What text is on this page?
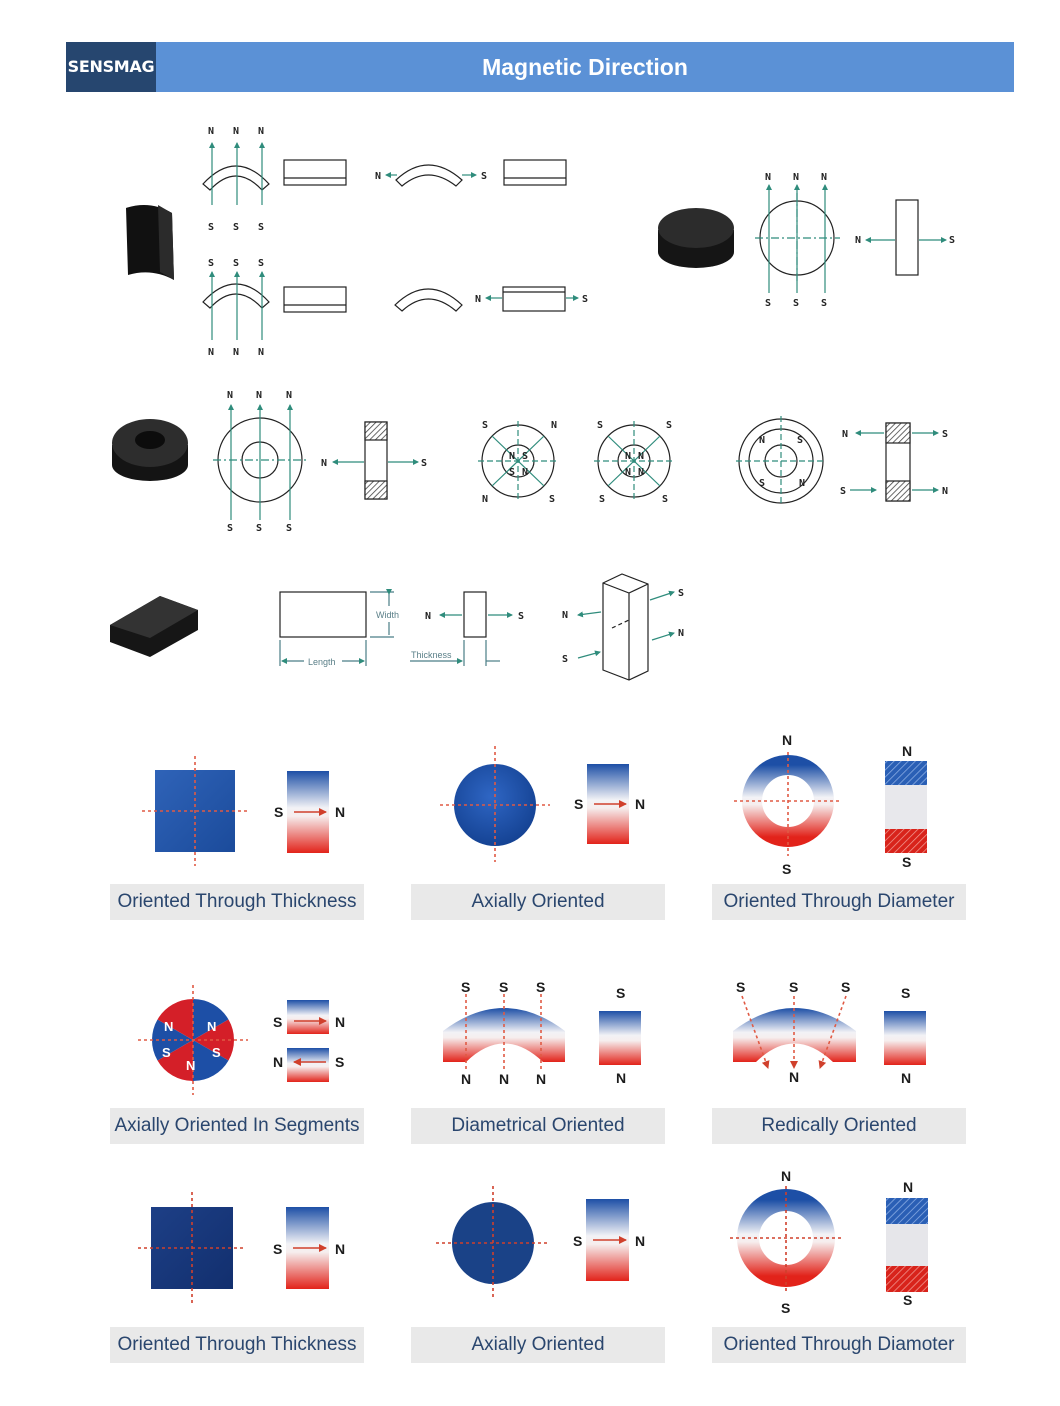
SENSMAG	Magnetic Direction
N N N
S S S
S S S
N N N
N	S
N	S
N N N
S S S
N	S
N N N
S S S
N	S
S	N
N	S
N S
S N
S	S
S	S
N N
N N
N	S
S	N
N	S
S	N
Width
Length
Thickness
N	S	N
S
S
N
S	N	S	N
N
S
N
S
N
N
N
S
S
S	N
N	S
S S S
N N N
S
N
S	S	S
N
S
N
S	N	S	N
N
S
N
S
Oriented Through Thickness	Axially Oriented	Oriented Through Diameter
Axially Oriented In Segments	Diametrical Oriented	Redically Oriented
Oriented Through Thickness	Axially Oriented	Oriented Through Diamoter
